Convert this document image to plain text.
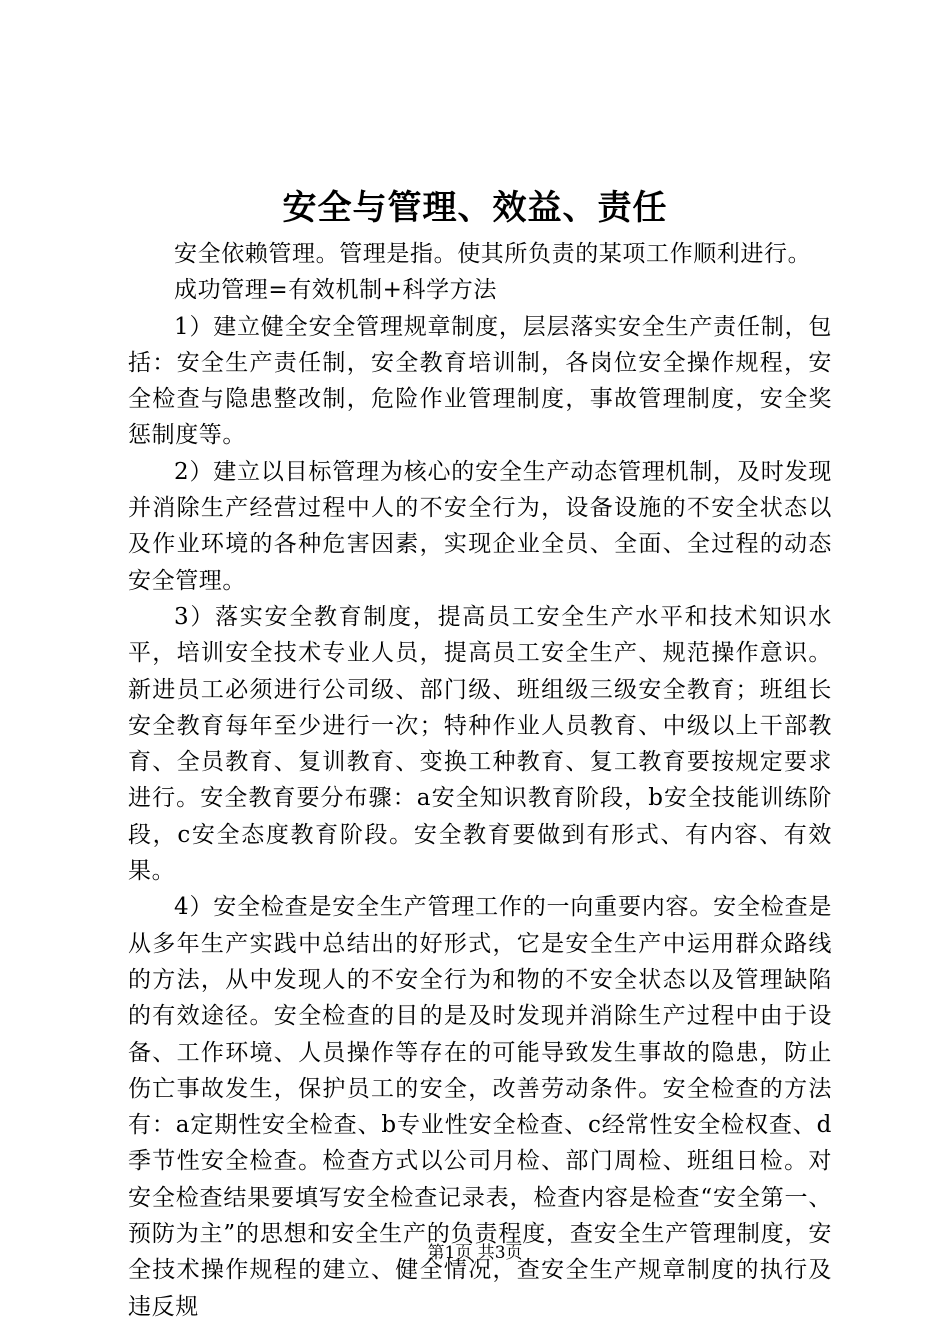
安全与管理、效益、责任

安全依赖管理。管理是指。使其所负责的某项工作顺利进行。

成功管理=有效机制+科学方法

1）建立健全安全管理规章制度，层层落实安全生产责任制，包括：安全生产责任制，安全教育培训制，各岗位安全操作规程，安全检查与隐患整改制，危险作业管理制度，事故管理制度，安全奖惩制度等。

2）建立以目标管理为核心的安全生产动态管理机制，及时发现并消除生产经营过程中人的不安全行为，设备设施的不安全状态以及作业环境的各种危害因素，实现企业全员、全面、全过程的动态安全管理。

3）落实安全教育制度，提高员工安全生产水平和技术知识水平，培训安全技术专业人员，提高员工安全生产、规范操作意识。新进员工必须进行公司级、部门级、班组级三级安全教育；班组长安全教育每年至少进行一次；特种作业人员教育、中级以上干部教育、全员教育、复训教育、变换工种教育、复工教育要按规定要求进行。安全教育要分布骤：a安全知识教育阶段，b安全技能训练阶段，c安全态度教育阶段。安全教育要做到有形式、有内容、有效果。

4）安全检查是安全生产管理工作的一向重要内容。安全检查是从多年生产实践中总结出的好形式，它是安全生产中运用群众路线的方法，从中发现人的不安全行为和物的不安全状态以及管理缺陷的有效途径。安全检查的目的是及时发现并消除生产过程中由于设备、工作环境、人员操作等存在的可能导致发生事故的隐患，防止伤亡事故发生，保护员工的安全，改善劳动条件。安全检查的方法有：a定期性安全检查、b专业性安全检查、c经常性安全检权查、d季节性安全检查。检查方式以公司月检、部门周检、班组日检。对安全检查结果要填写安全检查记录表，检查内容是检查“安全第一、预防为主”的思想和安全生产的负责程度，查安全生产管理制度，安全技术操作规程的建立、健全情况，查安全生产规章制度的执行及违反规

第1页 共3页
